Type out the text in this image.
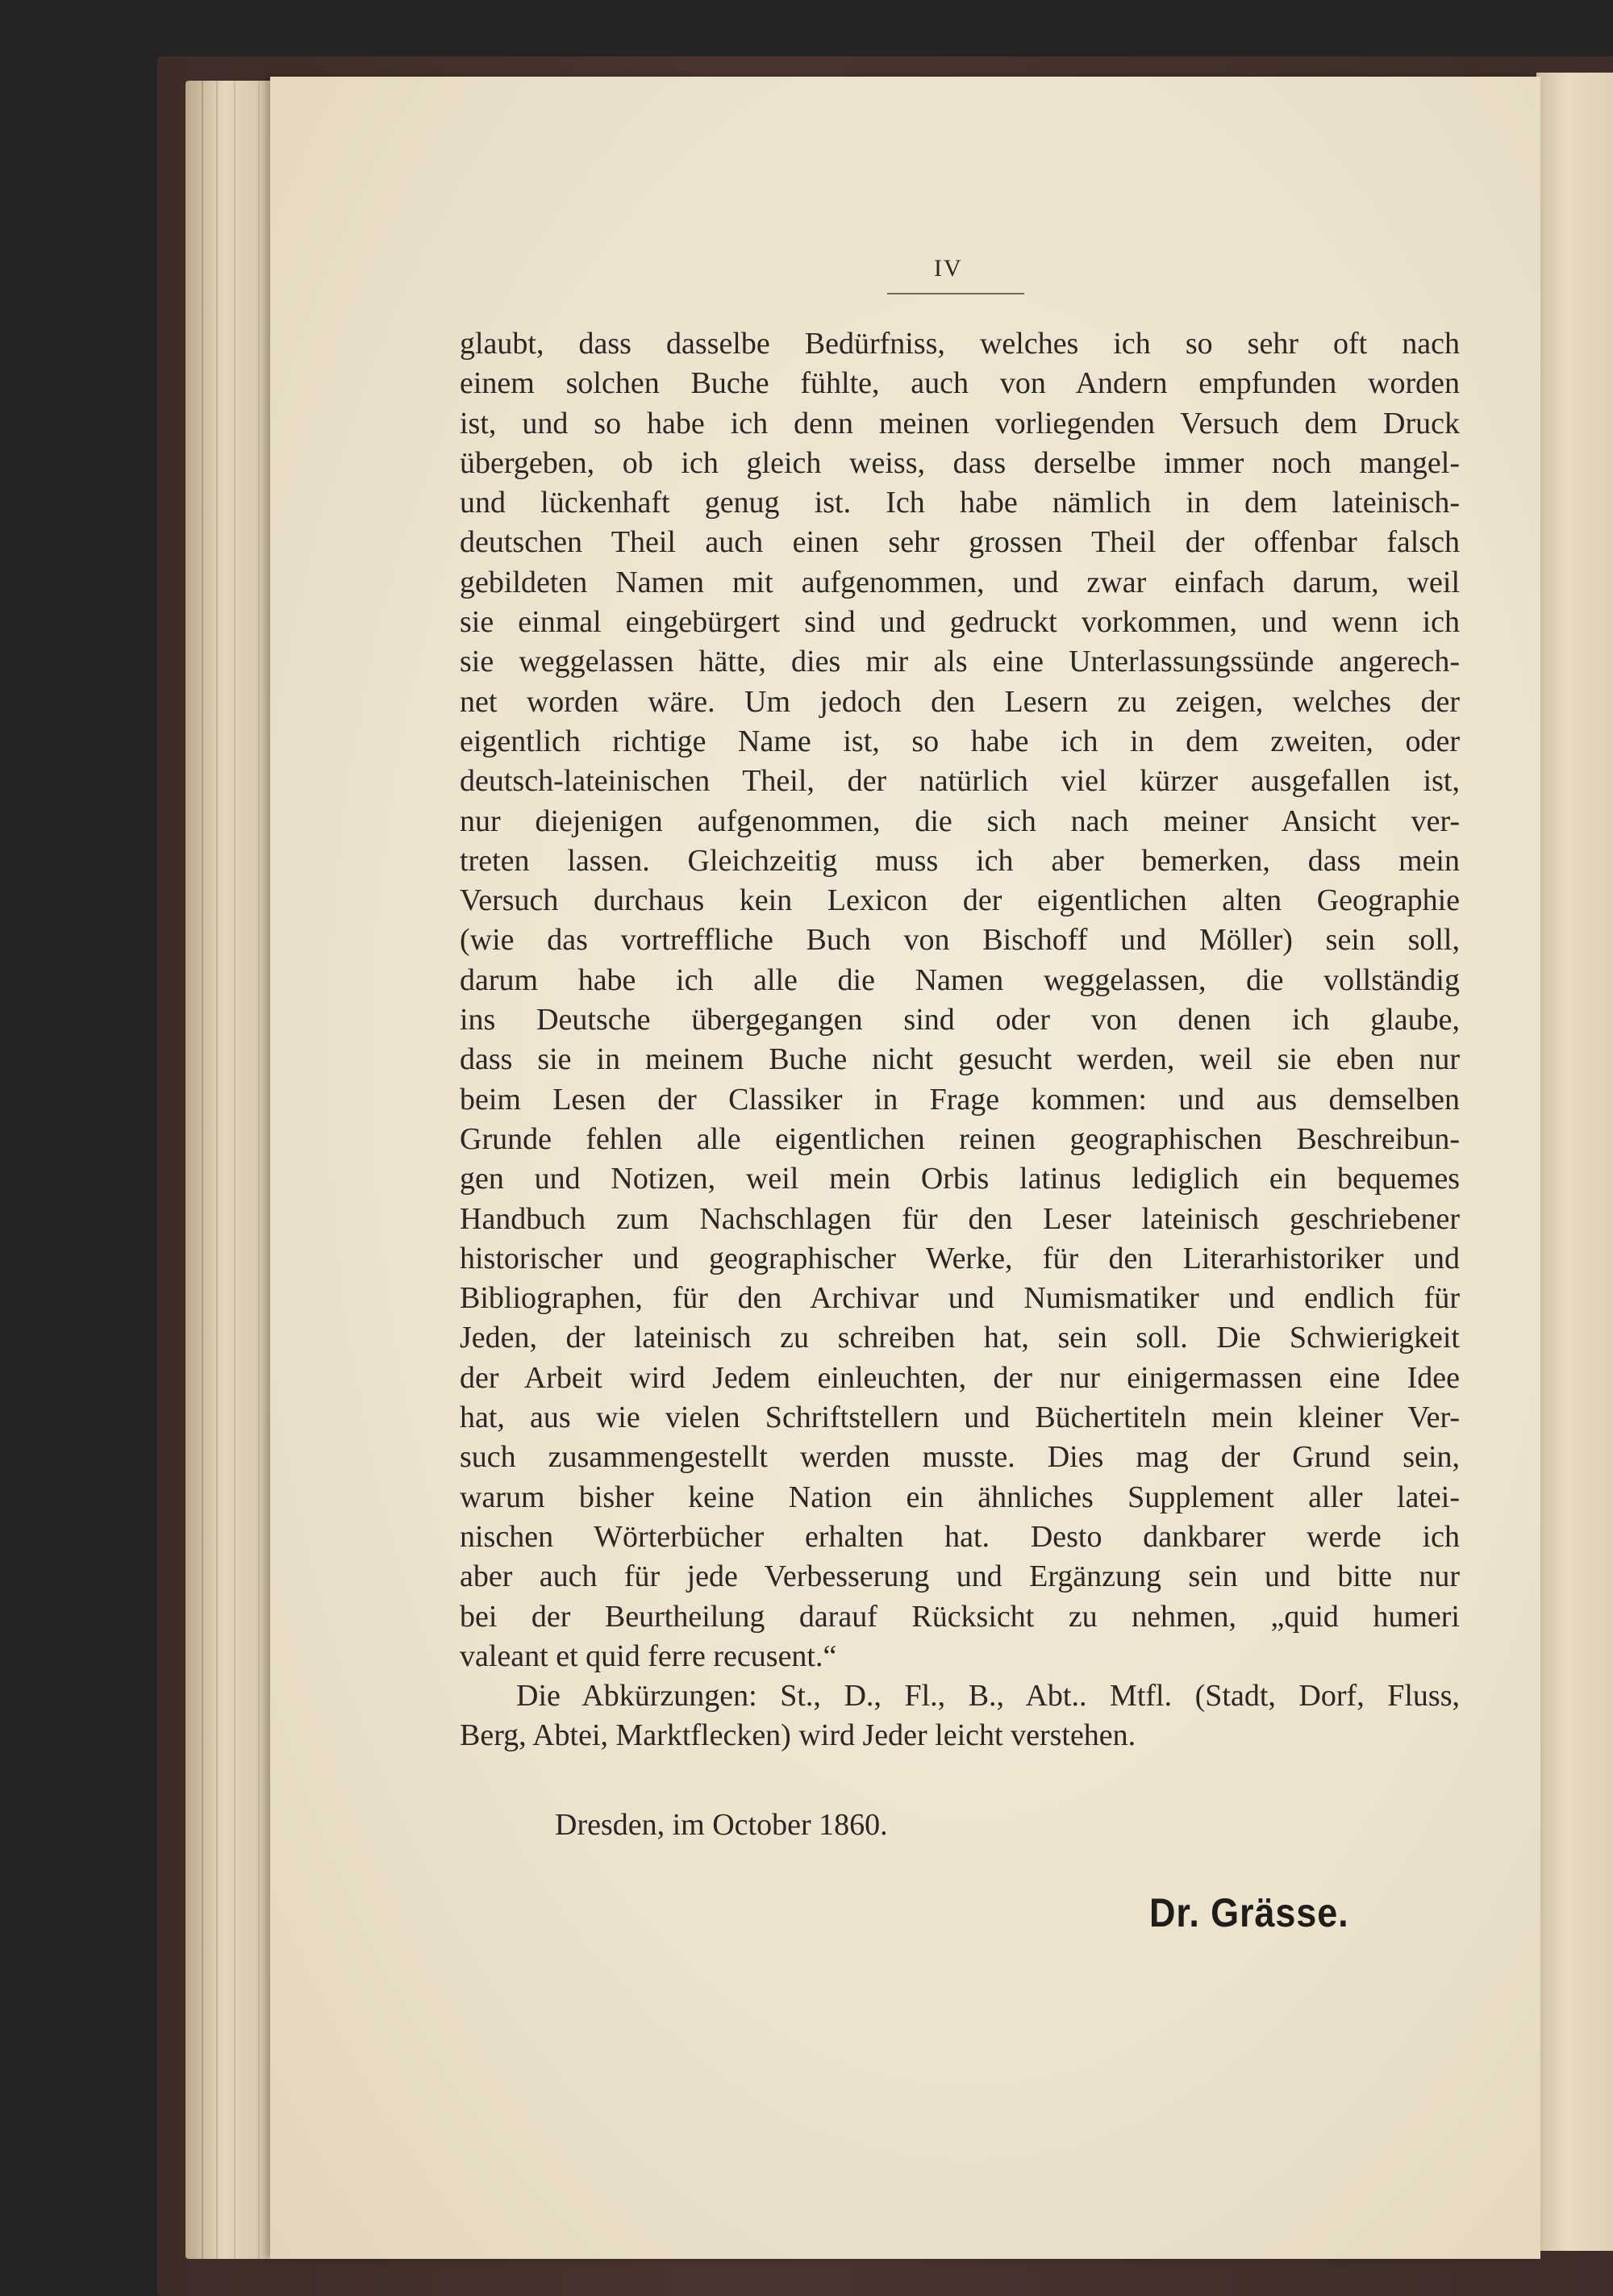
IV
glaubt, dass dasselbe Bedürfniss, welches ich so sehr oft nach
einem solchen Buche fühlte, auch von Andern empfunden worden
ist, und so habe ich denn meinen vorliegenden Versuch dem Druck
übergeben, ob ich gleich weiss, dass derselbe immer noch mangel-
und lückenhaft genug ist. Ich habe nämlich in dem lateinisch-
deutschen Theil auch einen sehr grossen Theil der offenbar falsch
gebildeten Namen mit aufgenommen, und zwar einfach darum, weil
sie einmal eingebürgert sind und gedruckt vorkommen, und wenn ich
sie weggelassen hätte, dies mir als eine Unterlassungssünde angerech-
net worden wäre. Um jedoch den Lesern zu zeigen, welches der
eigentlich richtige Name ist, so habe ich in dem zweiten, oder
deutsch-lateinischen Theil, der natürlich viel kürzer ausgefallen ist,
nur diejenigen aufgenommen, die sich nach meiner Ansicht ver-
treten lassen. Gleichzeitig muss ich aber bemerken, dass mein
Versuch durchaus kein Lexicon der eigentlichen alten Geographie
(wie das vortreffliche Buch von Bischoff und Möller) sein soll,
darum habe ich alle die Namen weggelassen, die vollständig
ins Deutsche übergegangen sind oder von denen ich glaube,
dass sie in meinem Buche nicht gesucht werden, weil sie eben nur
beim Lesen der Classiker in Frage kommen: und aus demselben
Grunde fehlen alle eigentlichen reinen geographischen Beschreibun-
gen und Notizen, weil mein Orbis latinus lediglich ein bequemes
Handbuch zum Nachschlagen für den Leser lateinisch geschriebener
historischer und geographischer Werke, für den Literarhistoriker und
Bibliographen, für den Archivar und Numismatiker und endlich für
Jeden, der lateinisch zu schreiben hat, sein soll. Die Schwierigkeit
der Arbeit wird Jedem einleuchten, der nur einigermassen eine Idee
hat, aus wie vielen Schriftstellern und Büchertiteln mein kleiner Ver-
such zusammengestellt werden musste. Dies mag der Grund sein,
warum bisher keine Nation ein ähnliches Supplement aller latei-
nischen Wörterbücher erhalten hat. Desto dankbarer werde ich
aber auch für jede Verbesserung und Ergänzung sein und bitte nur
bei der Beurtheilung darauf Rücksicht zu nehmen, „quid humeri
valeant et quid ferre recusent.“
Die Abkürzungen: St., D., Fl., B., Abt.. Mtfl. (Stadt, Dorf, Fluss,
Berg, Abtei, Marktflecken) wird Jeder leicht verstehen.
Dresden, im October 1860.
Dr. Grässe.
